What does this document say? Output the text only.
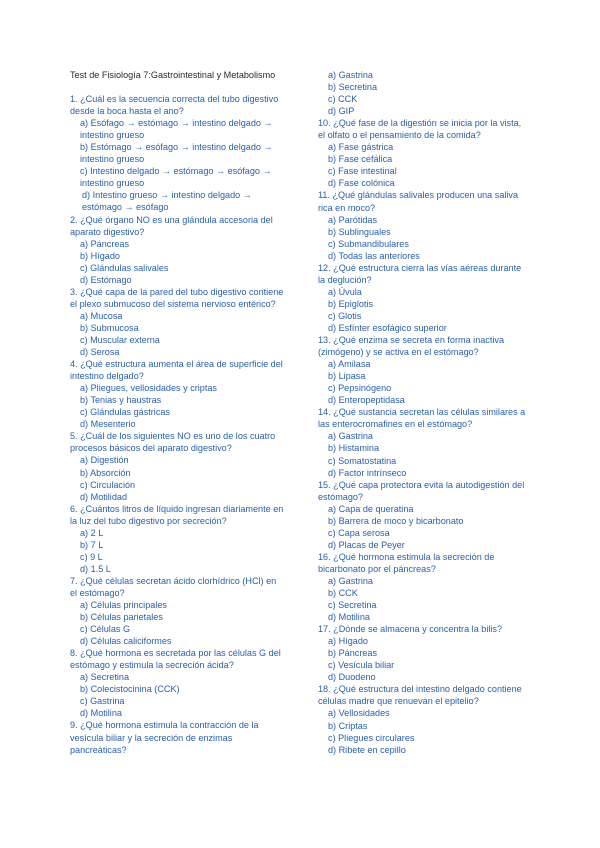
Test de Fisiología 7:Gastrointestinal y Metabolismo

1. ¿Cuál es la secuencia correcta del tubo digestivo desde la boca hasta el ano?

a) Esófago → estómago → intestino delgado → intestino grueso

b) Estómago → esófago → intestino delgado → intestino grueso

c) Intestino delgado → estómago → esófago → intestino grueso

d) Intestino grueso → intestino delgado → estómago → esófago

2. ¿Qué órgano NO es una glándula accesoria del aparato digestivo?

a) Páncreas

b) Hígado

c) Glándulas salivales

d) Estómago

3. ¿Qué capa de la pared del tubo digestivo contiene el plexo submucoso del sistema nervioso entérico?

a) Mucosa

b) Submucosa

c) Muscular externa

d) Serosa

4. ¿Qué estructura aumenta el área de superficie del intestino delgado?

a) Pliegues, vellosidades y criptas

b) Tenias y haustras

c) Glándulas gástricas

d) Mesenterio

5. ¿Cuál de los siguientes NO es uno de los cuatro procesos básicos del aparato digestivo?

a) Digestión

b) Absorción

c) Circulación

d) Motilidad

6. ¿Cuántos litros de líquido ingresan diariamente en la luz del tubo digestivo por secreción?

a) 2 L

b) 7 L

c) 9 L

d) 1.5 L

7. ¿Qué células secretan ácido clorhídrico (HCl) en el estómago?

a) Células principales

b) Células parietales

c) Células G

d) Células caliciformes

8. ¿Qué hormona es secretada por las células G del estómago y estimula la secreción ácida?

a) Secretina

b) Colecistocinina (CCK)

c) Gastrina

d) Motilina

9. ¿Qué hormona estimula la contracción de la vesícula biliar y la secreción de enzimas pancreáticas?

a) Gastrina

b) Secretina

c) CCK

d) GIP

10. ¿Qué fase de la digestión se inicia por la vista, el olfato o el pensamiento de la comida?

a) Fase gástrica

b) Fase cefálica

c) Fase intestinal

d) Fase colónica

11. ¿Qué glándulas salivales producen una saliva rica en moco?

a) Parótidas

b) Sublinguales

c) Submandibulares

d) Todas las anteriores

12. ¿Qué estructura cierra las vías aéreas durante la deglución?

a) Úvula

b) Epiglotis

c) Glotis

d) Esfínter esofágico superior

13. ¿Qué enzima se secreta en forma inactiva (zimógeno) y se activa en el estómago?

a) Amilasa

b) Lipasa

c) Pepsinógeno

d) Enteropeptidasa

14. ¿Qué sustancia secretan las células similares a las enterocromafines en el estómago?

a) Gastrina

b) Histamina

c) Somatostatina

d) Factor intrínseco

15. ¿Qué capa protectora evita la autodigestión del estómago?

a) Capa de queratina

b) Barrera de moco y bicarbonato

c) Capa serosa

d) Placas de Peyer

16. ¿Qué hormona estimula la secreción de bicarbonato por el páncreas?

a) Gastrina

b) CCK

c) Secretina

d) Motilina

17. ¿Dónde se almacena y concentra la bilis?

a) Hígado

b) Páncreas

c) Vesícula biliar

d) Duodeno

18. ¿Qué estructura del intestino delgado contiene células madre que renuevan el epitelio?

a) Vellosidades

b) Criptas

c) Pliegues circulares

d) Ribete en cepillo
